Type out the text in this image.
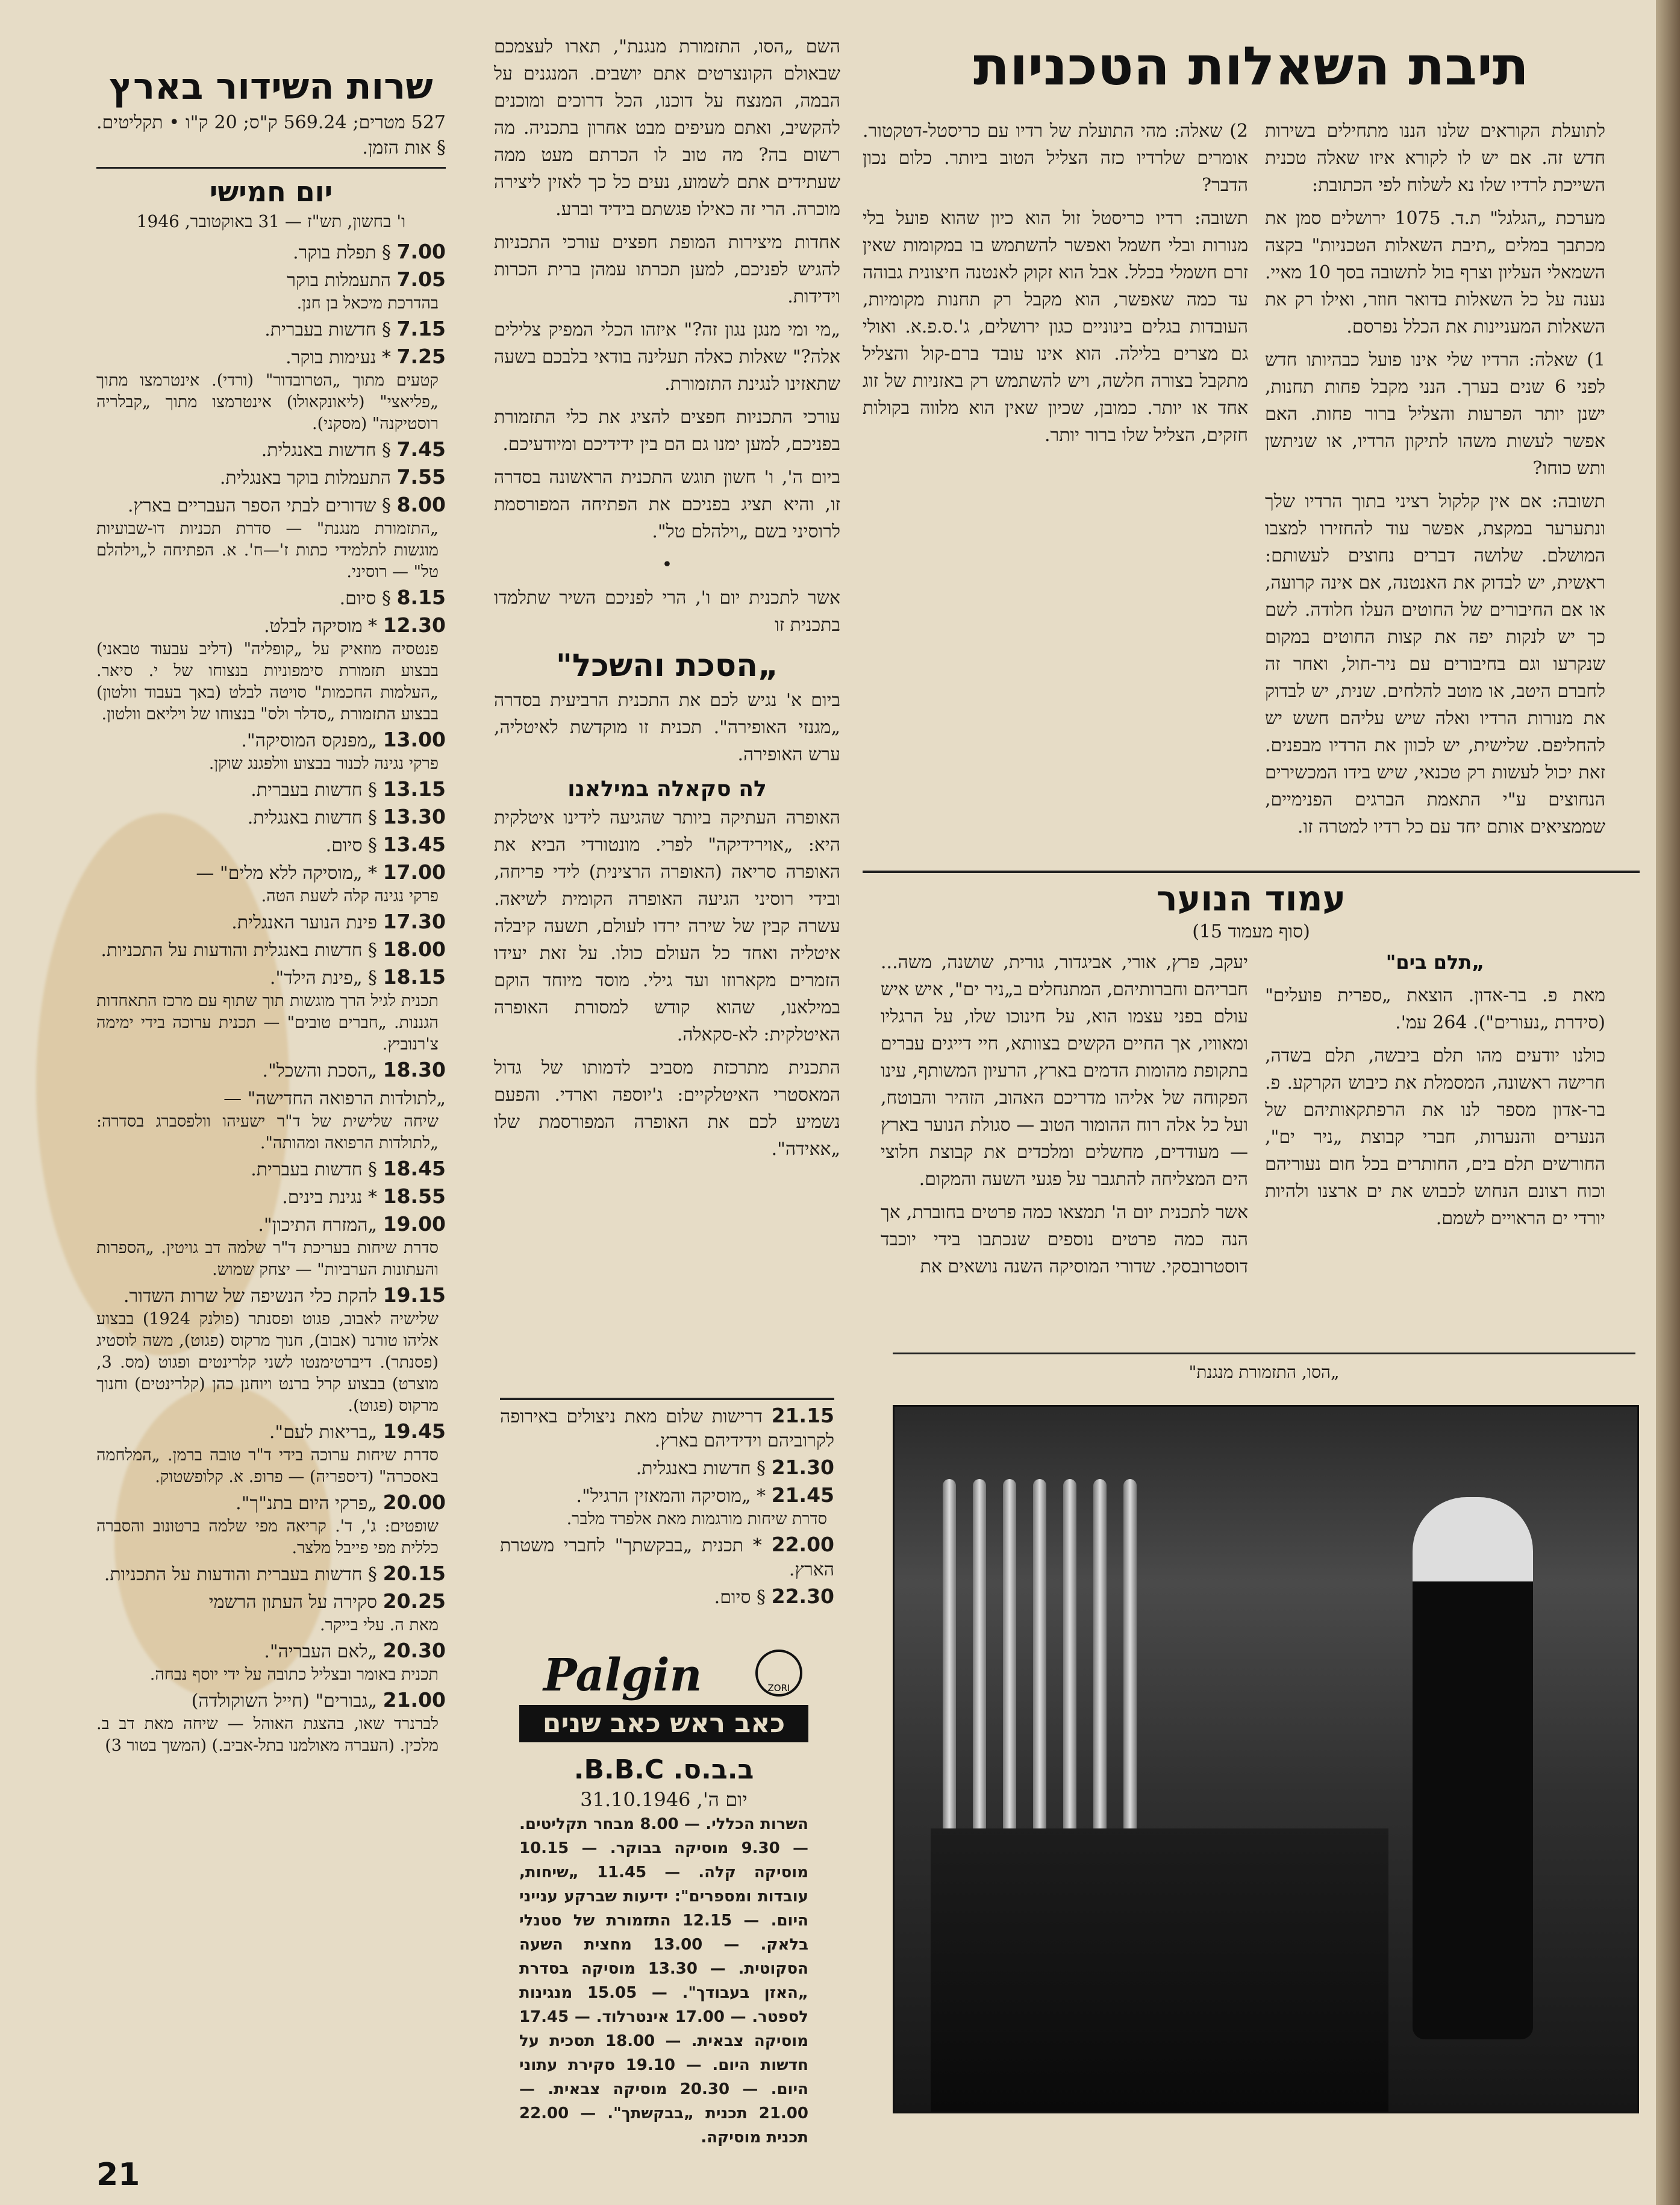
תיבת השאלות הטכניות

לתועלת הקוראים שלנו הננו מתחילים בשירות חדש זה. אם יש לו לקורא איזו שאלה טכנית השייכת לרדיו שלו נא לשלוח לפי הכתובת:

מערכת „הגלגל" ת.ד. 1075 ירושלים סמן את מכתבך במלים „תיבת השאלות הטכניות" בקצה השמאלי העליון וצרף בול לתשובה בסך 10 מאיי. נענה על כל השאלות בדואר חוזר, ואילו רק את השאלות המעניינות את הכלל נפרסם.

1) שאלה: הרדיו שלי אינו פועל כבהיותו חדש לפני 6 שנים בערך. הנני מקבל פחות תחנות, ישנן יותר הפרעות והצליל ברור פחות. האם אפשר לעשות משהו לתיקון הרדיו, או שניתשן ותש כוחו?

תשובה: אם אין קלקול רציני בתוך הרדיו שלך ונתערער במקצת, אפשר עוד להחזירו למצבו המושלם. שלושה דברים נחוצים לעשותם: ראשית, יש לבדוק את האנטנה, אם אינה קרועה, או אם החיבורים של החוטים העלו חלודה. לשם כך יש לנקות יפה את קצות החוטים במקום שנקרעו וגם בחיבורים עם ניר-חול, ואחר זה לחברם היטב, או מוטב להלחים. שנית, יש לבדוק את מנורות הרדיו ואלה שיש עליהם חשש יש להחליפם. שלישית, יש לכוון את הרדיו מבפנים. זאת יכול לעשות רק טכנאי, שיש בידו המכשירים הנחוצים ע"י התאמת הברגים הפנימיים, שממציאים אותם יחד עם כל רדיו למטרה זו.

2) שאלה: מהי התועלת של רדיו עם כריסטל-דטקטור. אומרים שלרדיו כזה הצליל הטוב ביותר. כלום נכון הדבר?

תשובה: רדיו כריסטל זול הוא כיון שהוא פועל בלי מנורות ובלי חשמל ואפשר להשתמש בו במקומות שאין זרם חשמלי בכלל. אבל הוא זקוק לאנטנה חיצונית גבוהה עד כמה שאפשר, הוא מקבל רק תחנות מקומיות, העובדות בגלים בינוניים כגון ירושלים, ג'.ס.פ.א. ואולי גם מצרים בלילה. הוא אינו עובד ברם-קול והצליל מתקבל בצורה חלשה, ויש להשתמש רק באזניות של זוג אחד או יותר. כמובן, שכיון שאין הוא מלווה בקולות חזקים, הצליל שלו ברור יותר.

עמוד הנוער
(סוף מעמוד 15)

„תלם בים"

מאת פ. בר-אדון. הוצאת „ספרית פועלים" (סידרת „נעורים"). 264 עמ'.

כולנו יודעים מהו תלם ביבשה, תלם בשדה, חרישה ראשונה, המסמלת את כיבוש הקרקע. פ. בר-אדון מספר לנו את הרפתקאותיהם של הנערים והנערות, חברי קבוצת „ניר ים", החורשים תלם בים, החותרים בכל חום נעוריהם וכוח רצונם הנחוש לכבוש את ים ארצנו ולהיות יורדי ים הראויים לשמם.

יעקב, פרץ, אורי, אביגדור, גורית, שושנה, משה... חבריהם וחברותיהם, המתנחלים ב„ניר ים", איש איש עולם בפני עצמו הוא, על חינוכו שלו, על הרגליו ומאוויו, אך החיים הקשים בצוותא, חיי דייגים עברים בתקופת מהומות הדמים בארץ, הרעיון המשותף, עינו הפקוחה של אליהו מדריכם האהוב, הזהיר והבוטח, ועל כל אלה רוח ההומור הטוב — סגולת הנוער בארץ — מעודדים, מחשלים ומלכדים את קבוצת חלוצי הים המצליחה להתגבר על פגעי השעה והמקום.

אשר לתכנית יום ה' תמצאו כמה פרטים בחוברת, אך הנה כמה פרטים נוספים שנכתבו בידי יוכבד דוסטרובסקי. שדורי המוסיקה השנה נושאים את

„הסו, התזמורת מנגנת"

השם „הסו, התזמורת מנגנת", תארו לעצמכם שבאולם הקונצרטים אתם יושבים. המנגנים על הבמה, המנצח על דוכנו, הכל דרוכים ומוכנים להקשיב, ואתם מעיפים מבט אחרון בתכניה. מה רשום בה? מה טוב לו הכרתם מעט ממה שעתידים אתם לשמוע, נעים כל כך לאזין ליצירה מוכרה. הרי זה כאילו פגשתם בידיד וברע.

אחדות מיצירות המופת חפצים עורכי התכניות להגיש לפניכם, למען תכרתו עמהן ברית הכרות וידידות.

„מי ומי מנגן נגון זה?" איזהו הכלי המפיק צלילים אלה?" שאלות כאלה תעלינה בודאי בלבכם בשעה שתאזינו לנגינת התזמורת.

עורכי התכניות חפצים להציג את כלי התזמורת בפניכם, למען ימנו גם הם בין ידידיכם ומיודעיכם.

ביום ה', ו' חשון תוגש התכנית הראשונה בסדרה זו, והיא תציג בפניכם את הפתיחה המפורסמת לרוסיני בשם „וילהלם טל".

•

אשר לתכנית יום ו', הרי לפניכם השיר שתלמדו בתכנית זו

„הסכת והשכל"

ביום א' נגיש לכם את התכנית הרביעית בסדרה „מגנזי האופירה". תכנית זו מוקדשת לאיטליה, ערש האופירה.

לה סקאלה במילאנו

האופרה העתיקה ביותר שהגיעה לידינו איטלקית היא: „אוירידיקה" לפרי. מונטורדי הביא את האופרה סריאה (האופרה הרצינית) לידי פריחה, ובידי רוסיני הגיעה האופרה הקומית לשיאה. עשרה קבין של שירה ירדו לעולם, תשעה קיבלה איטליה ואחד כל העולם כולו. על זאת יעידו הזמרים מקארוזו ועד גילי. מוסד מיוחד הוקם במילאנו, שהוא קודש למסורת האופרה האיטלקית: לא-סקאלה.

התכנית מתרכזת מסביב לדמותו של גדול המאסטרי האיטלקיים: ג'יוספה וארדי. והפעם נשמיע לכם את האופרה המפורסמת שלו „אאידה".

21.15 דרישות שלום מאת ניצולים באירופה לקרוביהם וידידיהם בארץ.
21.30 § חדשות באנגלית.
21.45 * „מוסיקה והמאזין הרגיל".
סדרת שיחות מורגמות מאת אלפרד מלבר.
22.00 * תכנית „בבקשתך" לחברי משטרת הארץ.
22.30 § סיום.
Palgin	ZORI
כאב ראש כאב שנים
ב.ב.ס. B.B.C.
יום ה', 31.10.1946

השרות הכללי. — 8.00 מבחר תקליטים. — 9.30 מוסיקה בבוקר. — 10.15 מוסיקה קלה. — 11.45 „שיחות, עובדות ומספרים": ידיעות שברקע ענייני היום. — 12.15 התזמורת של סטנלי בלאק. — 13.00 מחצית השעה הסקוטית. — 13.30 מוסיקה בסדרת „האזן בעבודך". — 15.05 מנגינות לספטר. — 17.00 אינטרלוד. — 17.45 מוסיקה צבאית. — 18.00 תסכית על חדשות היום. — 19.10 סקירת עתוני היום. — 20.30 מוסיקה צבאית. — 21.00 תכנית „בבקשתך". — 22.00 תכנית מוסיקה.

שרות השידור בארץ

527 מטרים; 569.24 ק"ס; 20 ק"ו • תקליטים. § אות הזמן.

יום חמישי
ו' בחשון, תש"ז — 31 באוקטובר, 1946
7.00 § תפלת בוקר.
7.05 התעמלות בוקר
בהדרכת מיכאל בן חנן.
7.15 § חדשות בעברית.
7.25 * נעימות בוקר.
קטעים מתוך „הטרובדור" (ורדי). אינטרמצו מתוך „פליאצי" (ליאונקאולו) אינטרמצו מתוך „קבלריה רוסטיקנה" (מסקני).
7.45 § חדשות באנגלית.
7.55 התעמלות בוקר באנגלית.
8.00 § שדורים לבתי הספר העבריים בארץ.
„התזמורת מנגנת" — סדרת תכניות דו-שבועיות מוגשות לתלמידי כתות ז'—ח'. א. הפתיחה ל„וילהלם טל" — רוסיני.
8.15 § סיום.
12.30 * מוסיקה לבלט.
פנטסיה מוזאיק על „קופליה" (דליב עבעוד טבאני) בבצוע תזמורת סימפוניות בנצוחו של י. סיאר. „העלמות החכמות" סויטה לבלט (באך בעבוד וולטון) בבצוע התזמורת „סדלר ולס" בנצוחו של ויליאם וולטון.
13.00 „מפנקס המוסיקה".
פרקי נגינה לכנור בבצוע וולפגנג שוקן.
13.15 § חדשות בעברית.
13.30 § חדשות באנגלית.
13.45 § סיום.
17.00 * „מוסיקה ללא מלים" —
פרקי נגינה קלה לשעת הטה.
17.30 פינת הנוער האנגלית.
18.00 § חדשות באנגלית והודעות על התכניות.
18.15 § „פינת הילד".
תכנית לגיל הרך מוגשות תוך שתוף עם מרכז התאחדות הגננות. „חברים טובים" — תכנית ערוכה בידי ימימה צ'רנוביץ.
18.30 „הסכת והשכל".
„לתולדות הרפואה החדישה" —
שיחה שלישית של ד"ר ישעיהו וולפסברג בסדרה: „לתולדות הרפואה ומהותה".
18.45 § חדשות בעברית.
18.55 * נגינת בינים.
19.00 „המזרח התיכון".
סדרת שיחות בעריכת ד"ר שלמה דב גויטין. „הספרות והעתונות הערביות" — יצחק שמוש.
19.15 להקת כלי הנשיפה של שרות השדור.
שלישיה לאבוב, פגוט ופסנתר (פולנק 1924) בבצוע אליהו טורנר (אבוב), חנוך מרקוס (פגוט), משה לוסטיג (פסנתר). דיברטימנטו לשני קלרינטים ופגוט (מס. 3, מוצרט) בבצוע קרל ברנט ויוחנן כהן (קלרינטים) וחנוך מרקוס (פגוט).
19.45 „בריאות לעם".
סדרת שיחות ערוכה בידי ד"ר טובה ברמן. „המלחמה באסכרה" (דיספריה) — פרופ. א. קלופשטוק.
20.00 „פרקי היום בתנ"ך".
שופטים: ג', ד'. קריאה מפי שלמה ברטונוב והסברה כללית מפי פייבל מלצר.
20.15 § חדשות בעברית והודעות על התכניות.
20.25 סקירה על העתון הרשמי
מאת ה. עלי בייקר.
20.30 „לאם העבריה".
תכנית באומר ובצליל כתובה על ידי יוסף נבחה.
21.00 „גבורים" (חייל השוקולדה)
לברנרד שאו, בהצגת האוהל — שיחה מאת דב ב. מלכין. (העברה מאולמנו בתל-אביב.) (המשך בטור 3)
21
